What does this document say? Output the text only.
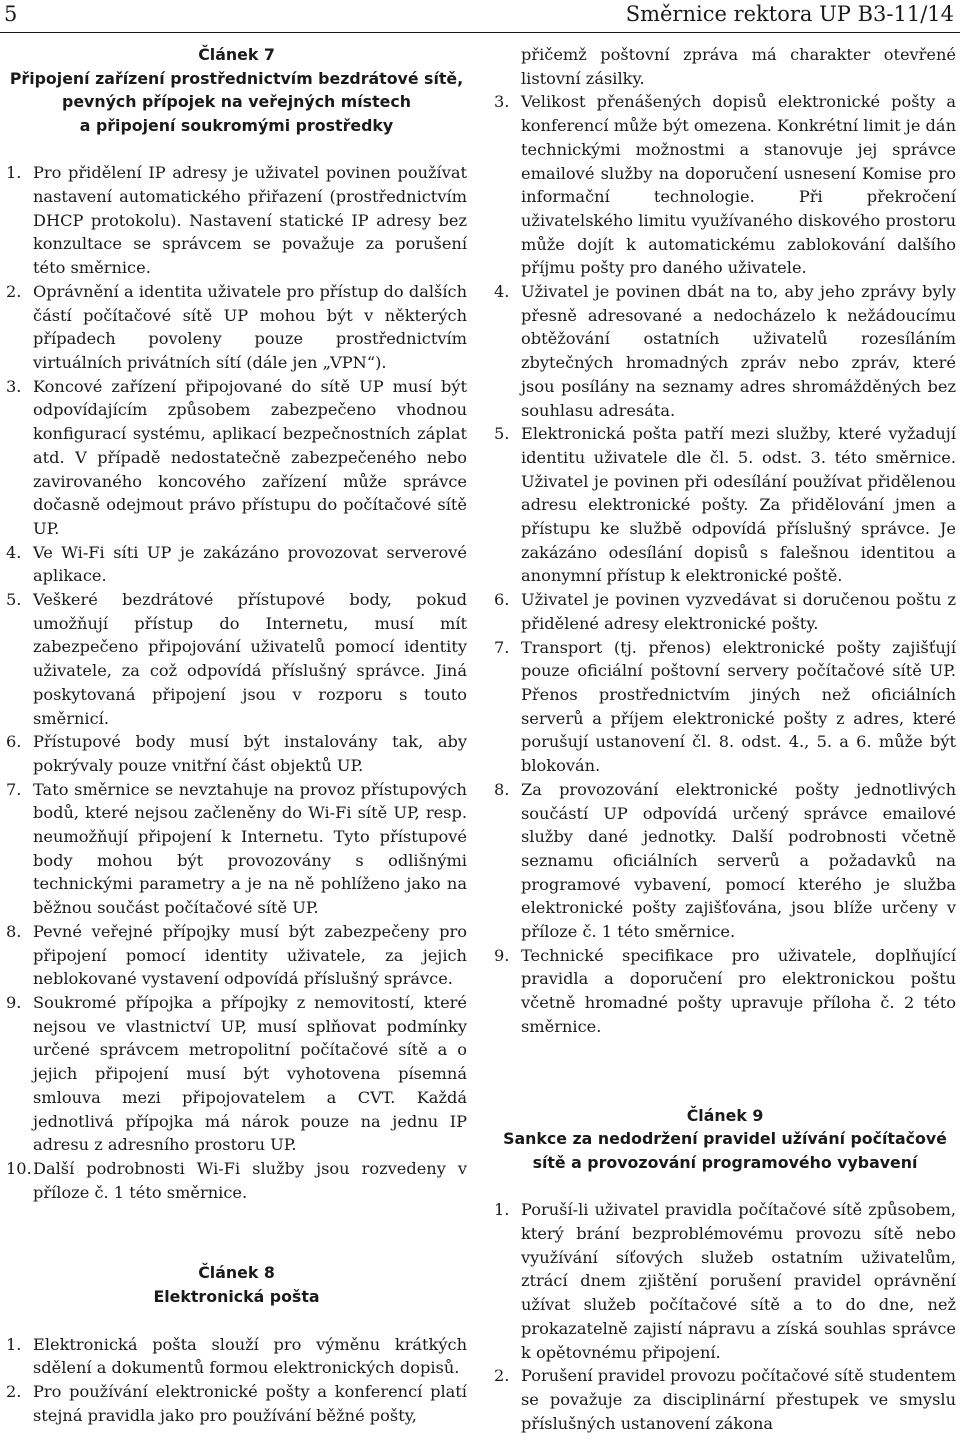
5	Směrnice rektora UP B3-11/14
Článek 7
Připojení zařízení prostřednictvím bezdrátové sítě,
pevných přípojek na veřejných místech
a připojení soukromými prostředky
1. Pro přidělení IP adresy je uživatel povinen používat nastavení automatického přiřazení (prostřednictvím DHCP protokolu). Nastavení statické IP adresy bez konzultace se správcem se považuje za porušení této směrnice.
2. Oprávnění a identita uživatele pro přístup do dalších částí počítačové sítě UP mohou být v některých případech povoleny pouze prostřednictvím virtuálních privátních sítí (dále jen „VPN“).
3. Koncové zařízení připojované do sítě UP musí být odpovídajícím způsobem zabezpečeno vhodnou konfigurací systému, aplikací bezpečnostních záplat atd. V případě nedostatečně zabezpečeného nebo zavirovaného koncového zařízení může správce dočasně odejmout právo přístupu do počítačové sítě UP.
4. Ve Wi-Fi síti UP je zakázáno provozovat serverové aplikace.
5. Veškeré bezdrátové přístupové body, pokud umožňují přístup do Internetu, musí mít zabezpečeno připojování uživatelů pomocí identity uživatele, za což odpovídá příslušný správce. Jiná poskytovaná připojení jsou v rozporu s touto směrnicí.
6. Přístupové body musí být instalovány tak, aby pokrývaly pouze vnitřní část objektů UP.
7. Tato směrnice se nevztahuje na provoz přístupových bodů, které nejsou začleněny do Wi-Fi sítě UP, resp. neumožňují připojení k Internetu. Tyto přístupové body mohou být provozovány s odlišnými technickými parametry a je na ně pohlíženo jako na běžnou součást počítačové sítě UP.
8. Pevné veřejné přípojky musí být zabezpečeny pro připojení pomocí identity uživatele, za jejich neblokované vystavení odpovídá příslušný správce.
9. Soukromé přípojka a přípojky z nemovitostí, které nejsou ve vlastnictví UP, musí splňovat podmínky určené správcem metropolitní počítačové sítě a o jejich připojení musí být vyhotovena písemná smlouva mezi připojovatelem a CVT. Každá jednotlivá přípojka má nárok pouze na jednu IP adresu z adresního prostoru UP.
10. Další podrobnosti Wi-Fi služby jsou rozvedeny v příloze č. 1 této směrnice.
Článek 8
Elektronická pošta
1. Elektronická pošta slouží pro výměnu krátkých sdělení a dokumentů formou elektronických dopisů.
2. Pro používání elektronické pošty a konferencí platí stejná pravidla jako pro používání běžné pošty,
přičemž poštovní zpráva má charakter otevřené listovní zásilky.
3. Velikost přenášených dopisů elektronické pošty a konferencí může být omezena. Konkrétní limit je dán technickými možnostmi a stanovuje jej správce emailové služby na doporučení usnesení Komise pro informační technologie. Při překročení uživatelského limitu využívaného diskového prostoru může dojít k automatickému zablokování dalšího příjmu pošty pro daného uživatele.
4. Uživatel je povinen dbát na to, aby jeho zprávy byly přesně adresované a nedocházelo k nežádoucímu obtěžování ostatních uživatelů rozesíláním zbytečných hromadných zpráv nebo zpráv, které jsou posílány na seznamy adres shromážděných bez souhlasu adresáta.
5. Elektronická pošta patří mezi služby, které vyžadují identitu uživatele dle čl. 5. odst. 3. této směrnice. Uživatel je povinen při odesílání používat přidělenou adresu elektronické pošty. Za přidělování jmen a přístupu ke službě odpovídá příslušný správce. Je zakázáno odesílání dopisů s falešnou identitou a anonymní přístup k elektronické poště.
6. Uživatel je povinen vyzvedávat si doručenou poštu z přidělené adresy elektronické pošty.
7. Transport (tj. přenos) elektronické pošty zajišťují pouze oficiální poštovní servery počítačové sítě UP. Přenos prostřednictvím jiných než oficiálních serverů a příjem elektronické pošty z adres, které porušují ustanovení čl. 8. odst. 4., 5. a 6. může být blokován.
8. Za provozování elektronické pošty jednotlivých součástí UP odpovídá určený správce emailové služby dané jednotky. Další podrobnosti včetně seznamu oficiálních serverů a požadavků na programové vybavení, pomocí kterého je služba elektronické pošty zajišťována, jsou blíže určeny v příloze č. 1 této směrnice.
9. Technické specifikace pro uživatele, doplňující pravidla a doporučení pro elektronickou poštu včetně hromadné pošty upravuje příloha č. 2 této směrnice.
Článek 9
Sankce za nedodržení pravidel užívání počítačové
sítě a provozování programového vybavení
1. Poruší-li uživatel pravidla počítačové sítě způsobem, který brání bezproblémovému provozu sítě nebo využívání síťových služeb ostatním uživatelům, ztrácí dnem zjištění porušení pravidel oprávnění užívat služeb počítačové sítě a to do dne, než prokazatelně zajistí nápravu a získá souhlas správce k opětovnému připojení.
2. Porušení pravidel provozu počítačové sítě studentem se považuje za disciplinární přestupek ve smyslu příslušných ustanovení zákona
